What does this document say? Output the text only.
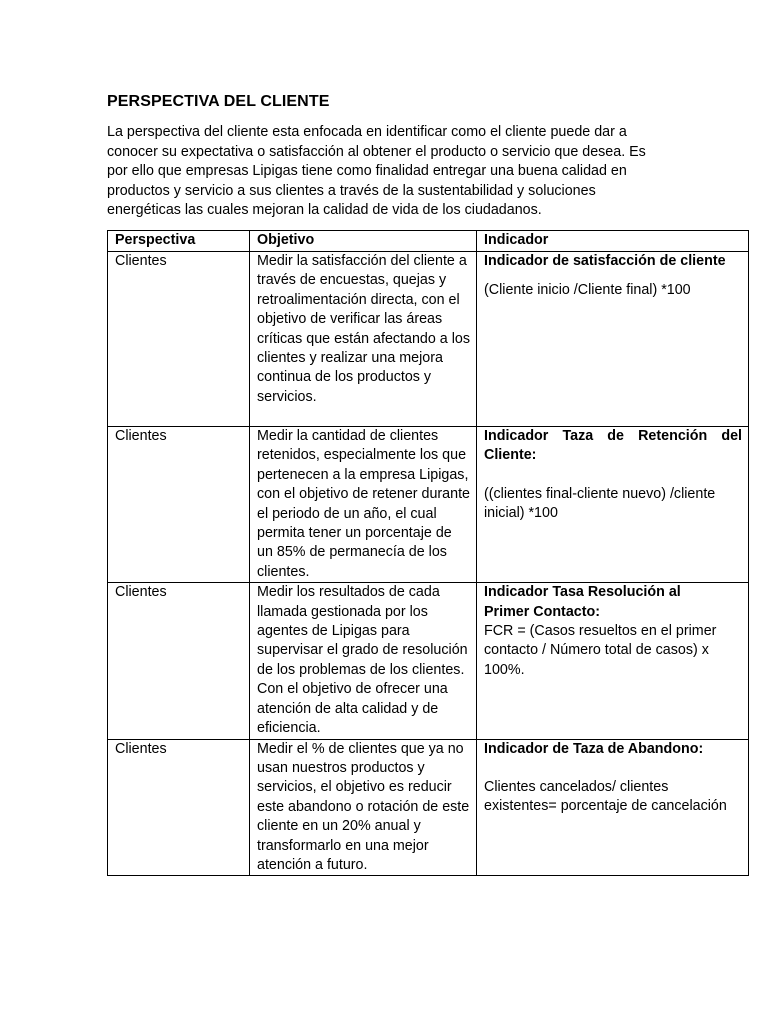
PERSPECTIVA DEL CLIENTE

La perspectiva del cliente esta enfocada en identificar como el cliente puede dar a conocer su expectativa o satisfacción al obtener el producto o servicio que desea. Es por ello que empresas Lipigas tiene como finalidad entregar una buena calidad en productos y servicio a sus clientes a través de la sustentabilidad y soluciones energéticas las cuales mejoran la calidad de vida de los ciudadanos.

Perspectiva	Objetivo	Indicador
Clientes	Medir la satisfacción del cliente a través de encuestas, quejas y retroalimentación directa, con el objetivo de verificar las áreas críticas que están afectando a los clientes y realizar una mejora continua de los productos y servicios.	Indicador de satisfacción de cliente
(Cliente inicio /Cliente final) *100

Clientes	Medir la cantidad de clientes retenidos, especialmente los que pertenecen a la empresa Lipigas, con el objetivo de retener durante el periodo de un año, el cual permita tener un porcentaje de un 85% de permanecía de los clientes.	Indicador Taza de Retención del Cliente:
((clientes final-cliente nuevo) /cliente inicial) *100

Clientes	Medir los resultados de cada llamada gestionada por los agentes de Lipigas para supervisar el grado de resolución de los problemas de los clientes. Con el objetivo de ofrecer una atención de alta calidad y de eficiencia.	Indicador Tasa Resolución al Primer Contacto:
FCR = (Casos resueltos en el primer contacto / Número total de casos) x 100%.

Clientes	Medir el % de clientes que ya no usan nuestros productos y servicios, el objetivo es reducir este abandono o rotación de este cliente en un 20% anual y transformarlo en una mejor atención a futuro.	Indicador de Taza de Abandono:
Clientes cancelados/ clientes existentes= porcentaje de cancelación
